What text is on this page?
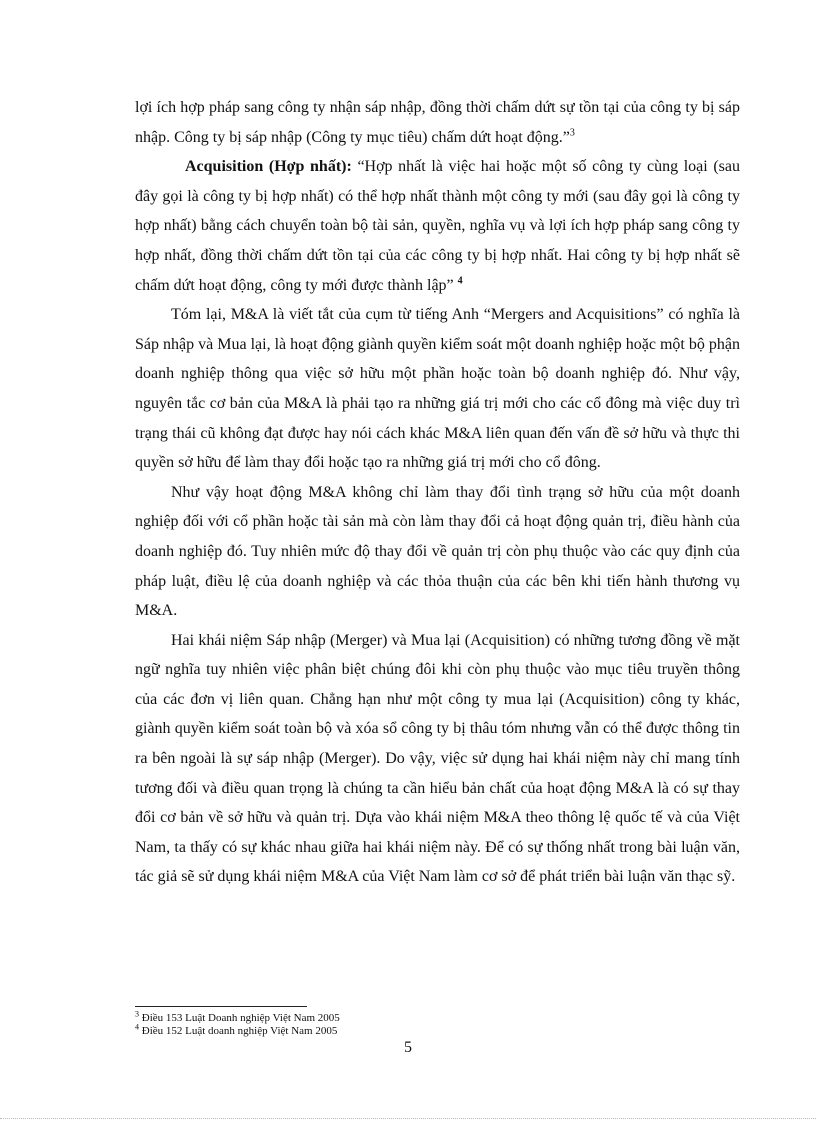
lợi ích hợp pháp sang công ty nhận sáp nhập, đồng thời chấm dứt sự tồn tại của công ty bị sáp nhập. Công ty bị sáp nhập (Công ty mục tiêu) chấm dứt hoạt động.”$^3$

Acquisition (Hợp nhất): “Hợp nhất là việc hai hoặc một số công ty cùng loại (sau đây gọi là công ty bị hợp nhất) có thể hợp nhất thành một công ty mới (sau đây gọi là công ty hợp nhất) bằng cách chuyển toàn bộ tài sản, quyền, nghĩa vụ và lợi ích hợp pháp sang công ty hợp nhất, đồng thời chấm dứt tồn tại của các công ty bị hợp nhất. Hai công ty bị hợp nhất sẽ chấm dứt hoạt động, công ty mới được thành lập” $^4$

Tóm lại, M&A là viết tắt của cụm từ tiếng Anh “Mergers and Acquisitions” có nghĩa là Sáp nhập và Mua lại, là hoạt động giành quyền kiểm soát một doanh nghiệp hoặc một bộ phận doanh nghiệp thông qua việc sở hữu một phần hoặc toàn bộ doanh nghiệp đó. Như vậy, nguyên tắc cơ bản của M&A là phải tạo ra những giá trị mới cho các cổ đông mà việc duy trì trạng thái cũ không đạt được hay nói cách khác M&A liên quan đến vấn đề sở hữu và thực thi quyền sở hữu để làm thay đổi hoặc tạo ra những giá trị mới cho cổ đông.

Như vậy hoạt động M&A không chỉ làm thay đổi tình trạng sở hữu của một doanh nghiệp đối với cổ phần hoặc tài sản mà còn làm thay đổi cả hoạt động quản trị, điều hành của doanh nghiệp đó. Tuy nhiên mức độ thay đổi về quản trị còn phụ thuộc vào các quy định của pháp luật, điều lệ của doanh nghiệp và các thỏa thuận của các bên khi tiến hành thương vụ M&A.

Hai khái niệm Sáp nhập (Merger) và Mua lại (Acquisition) có những tương đồng về mặt ngữ nghĩa tuy nhiên việc phân biệt chúng đôi khi còn phụ thuộc vào mục tiêu truyền thông của các đơn vị liên quan. Chẳng hạn như một công ty mua lại (Acquisition) công ty khác, giành quyền kiểm soát toàn bộ và xóa sổ công ty bị thâu tóm nhưng vẫn có thể được thông tin ra bên ngoài là sự sáp nhập (Merger). Do vậy, việc sử dụng hai khái niệm này chỉ mang tính tương đối và điều quan trọng là chúng ta cần hiểu bản chất của hoạt động M&A là có sự thay đổi cơ bản về sở hữu và quản trị. Dựa vào khái niệm M&A theo thông lệ quốc tế và của Việt Nam, ta thấy có sự khác nhau giữa hai khái niệm này. Để có sự thống nhất trong bài luận văn, tác giả sẽ sử dụng khái niệm M&A của Việt Nam làm cơ sở để phát triển bài luận văn thạc sỹ.

$^3$ Điều 153 Luật Doanh nghiệp Việt Nam 2005

$^4$ Điều 152 Luật doanh nghiệp Việt Nam 2005

5
